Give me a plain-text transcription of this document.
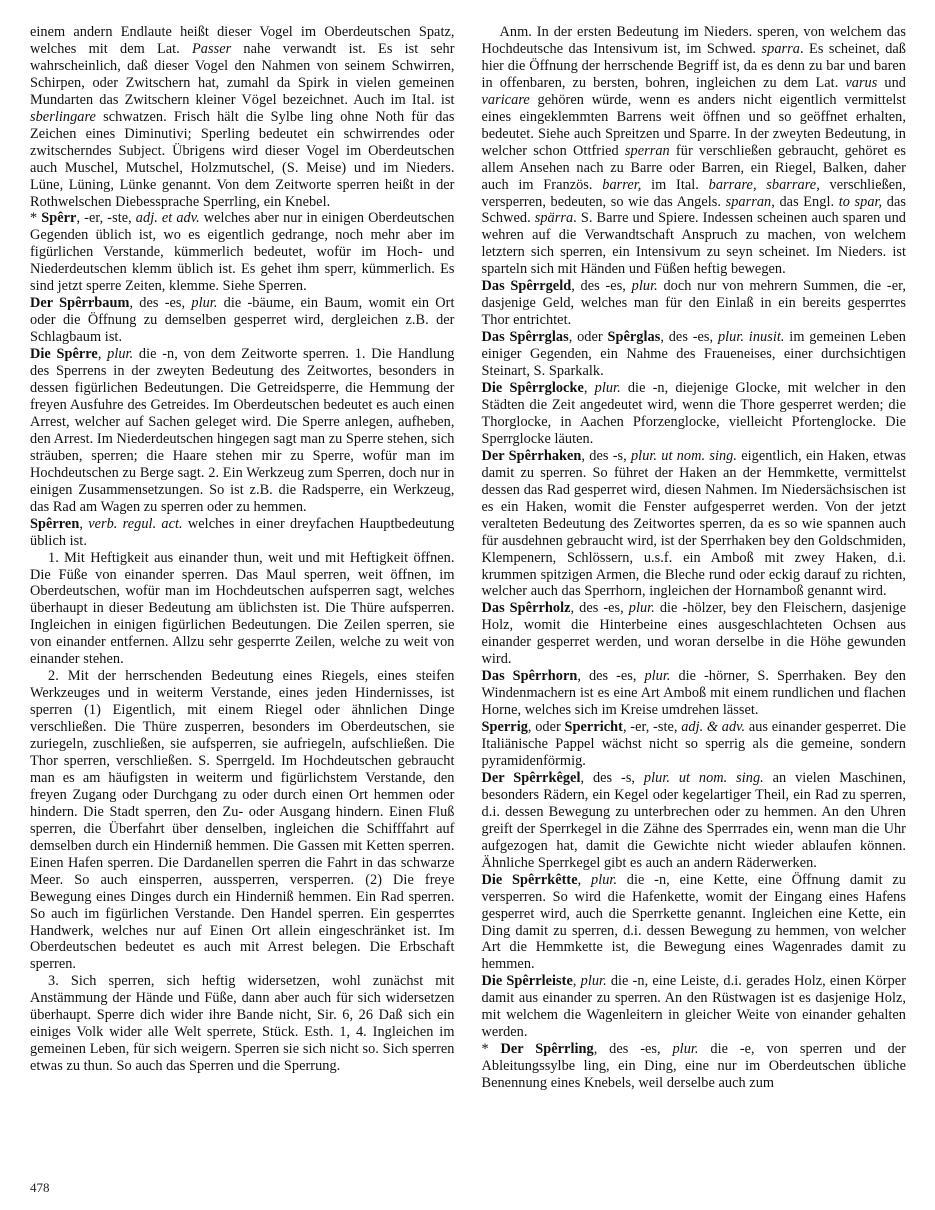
einem andern Endlaute heißt dieser Vogel im Oberdeutschen Spatz, welches mit dem Lat. Passer nahe verwandt ist. Es ist sehr wahrscheinlich, daß dieser Vogel den Nahmen von seinem Schwirren, Schirpen, oder Zwitschern hat, zumahl da Spirk in vielen gemeinen Mundarten das Zwitschern kleiner Vögel bezeichnet. Auch im Ital. ist sberlingare schwatzen. Frisch hält die Sylbe ling ohne Noth für das Zeichen eines Diminutivi; Sperling bedeutet ein schwirrendes oder zwitscherndes Subject. Übrigens wird dieser Vogel im Oberdeutschen auch Muschel, Mutschel, Holzmutschel, (S. Meise) und im Nieders. Lüne, Lüning, Lünke genannt. Von dem Zeitworte sperren heißt in der Rothwelschen Diebessprache Sperrling, ein Knebel.

* Spêrr, -er, -ste, adj. et adv. welches aber nur in einigen Oberdeutschen Gegenden üblich ist, wo es eigentlich gedrange, noch mehr aber im figürlichen Verstande, kümmerlich bedeutet, wofür im Hoch- und Niederdeutschen klemm üblich ist. Es gehet ihm sperr, kümmerlich. Es sind jetzt sperre Zeiten, klemme. Siehe Sperren.

Der Spêrrbaum, des -es, plur. die -bäume, ein Baum, womit ein Ort oder die Öffnung zu demselben gesperret wird, dergleichen z.B. der Schlagbaum ist.

Die Spêrre, plur. die -n, von dem Zeitworte sperren. 1. Die Handlung des Sperrens in der zweyten Bedeutung des Zeitwortes, besonders in dessen figürlichen Bedeutungen. Die Getreidsperre, die Hemmung der freyen Ausfuhre des Getreides. Im Oberdeutschen bedeutet es auch einen Arrest, welcher auf Sachen geleget wird. Die Sperre anlegen, aufheben, den Arrest. Im Niederdeutschen hingegen sagt man zu Sperre stehen, sich sträuben, sperren; die Haare stehen mir zu Sperre, wofür man im Hochdeutschen zu Berge sagt. 2. Ein Werkzeug zum Sperren, doch nur in einigen Zusammensetzungen. So ist z.B. die Radsperre, ein Werkzeug, das Rad am Wagen zu sperren oder zu hemmen.

Spêrren, verb. regul. act. welches in einer dreyfachen Hauptbedeutung üblich ist.

1. Mit Heftigkeit aus einander thun, weit und mit Heftigkeit öffnen. Die Füße von einander sperren. Das Maul sperren, weit öffnen, im Oberdeutschen, wofür man im Hochdeutschen aufsperren sagt, welches überhaupt in dieser Bedeutung am üblichsten ist. Die Thüre aufsperren. Ingleichen in einigen figürlichen Bedeutungen. Die Zeilen sperren, sie von einander entfernen. Allzu sehr gesperrte Zeilen, welche zu weit von einander stehen.

2. Mit der herrschenden Bedeutung eines Riegels, eines steifen Werkzeuges und in weiterm Verstande, eines jeden Hindernisses, ist sperren (1) Eigentlich, mit einem Riegel oder ähnlichen Dinge verschließen. Die Thüre zusperren, besonders im Oberdeutschen, sie zuriegeln, zuschließen, sie aufsperren, sie aufriegeln, aufschließen. Die Thor sperren, verschließen. S. Sperrgeld. Im Hochdeutschen gebraucht man es am häufigsten in weiterm und figürlichstem Verstande, den freyen Zugang oder Durchgang zu oder durch einen Ort hemmen oder hindern. Die Stadt sperren, den Zu- oder Ausgang hindern. Einen Fluß sperren, die Überfahrt über denselben, ingleichen die Schifffahrt auf demselben durch ein Hinderniß hemmen. Die Gassen mit Ketten sperren. Einen Hafen sperren. Die Dardanellen sperren die Fahrt in das schwarze Meer. So auch einsperren, aussperren, versperren. (2) Die freye Bewegung eines Dinges durch ein Hinderniß hemmen. Ein Rad sperren. So auch im figürlichen Verstande. Den Handel sperren. Ein gesperrtes Handwerk, welches nur auf Einen Ort allein eingeschränket ist. Im Oberdeutschen bedeutet es auch mit Arrest belegen. Die Erbschaft sperren.

3. Sich sperren, sich heftig widersetzen, wohl zunächst mit Anstämmung der Hände und Füße, dann aber auch für sich widersetzen überhaupt. Sperre dich wider ihre Bande nicht, Sir. 6, 26 Daß sich ein einiges Volk wider alle Welt sperrete, Stück. Esth. 1, 4. Ingleichen im gemeinen Leben, für sich weigern. Sperren sie sich nicht so. Sich sperren etwas zu thun. So auch das Sperren und die Sperrung.

Anm. In der ersten Bedeutung im Nieders. speren, von welchem das Hochdeutsche das Intensivum ist, im Schwed. sparra. Es scheinet, daß hier die Öffnung der herrschende Begriff ist, da es denn zu bar und baren in offenbaren, zu bersten, bohren, ingleichen zu dem Lat. varus und varicare gehören würde, wenn es anders nicht eigentlich vermittelst eines eingeklemmten Barrens weit öffnen und so geöffnet erhalten, bedeutet. Siehe auch Spreitzen und Sparre. In der zweyten Bedeutung, in welcher schon Ottfried sperran für verschließen gebraucht, gehöret es allem Ansehen nach zu Barre oder Barren, ein Riegel, Balken, daher auch im Französ. barrer, im Ital. barrare, sbarrare, verschließen, versperren, bedeuten, so wie das Angels. sparran, das Engl. to spar, das Schwed. spärra. S. Barre und Spiere. Indessen scheinen auch sparen und wehren auf die Verwandtschaft Anspruch zu machen, von welchem letztern sich sperren, ein Intensivum zu seyn scheinet. Im Nieders. ist sparteln sich mit Händen und Füßen heftig bewegen.

Das Spêrrgeld, des -es, plur. doch nur von mehrern Summen, die -er, dasjenige Geld, welches man für den Einlaß in ein bereits gesperrtes Thor entrichtet.

Das Spêrrglas, oder Spêrglas, des -es, plur. inusit. im gemeinen Leben einiger Gegenden, ein Nahme des Fraueneises, einer durchsichtigen Steinart, S. Sparkalk.

Die Spêrrglocke, plur. die -n, diejenige Glocke, mit welcher in den Städten die Zeit angedeutet wird, wenn die Thore gesperret werden; die Thorglocke, in Aachen Pforzenglocke, vielleicht Pfortenglocke. Die Sperrglocke läuten.

Der Spêrrhaken, des -s, plur. ut nom. sing. eigentlich, ein Haken, etwas damit zu sperren. So führet der Haken an der Hemmkette, vermittelst dessen das Rad gesperret wird, diesen Nahmen. Im Niedersächsischen ist es ein Haken, womit die Fenster aufgesperret werden. Von der jetzt veralteten Bedeutung des Zeitwortes sperren, da es so wie spannen auch für ausdehnen gebraucht wird, ist der Sperrhaken bey den Goldschmiden, Klempenern, Schlössern, u.s.f. ein Amboß mit zwey Haken, d.i. krummen spitzigen Armen, die Bleche rund oder eckig darauf zu richten, welcher auch das Sperrhorn, ingleichen der Hornamboß genannt wird.

Das Spêrrholz, des -es, plur. die -hölzer, bey den Fleischern, dasjenige Holz, womit die Hinterbeine eines ausgeschlachteten Ochsen aus einander gesperret werden, und woran derselbe in die Höhe gewunden wird.

Das Spêrrhorn, des -es, plur. die -hörner, S. Sperrhaken. Bey den Windenmachern ist es eine Art Amboß mit einem rundlichen und flachen Horne, welches sich im Kreise umdrehen lässet.

Sperrig, oder Sperricht, -er, -ste, adj. & adv. aus einander gesperret. Die Italiänische Pappel wächst nicht so sperrig als die gemeine, sondern pyramidenförmig.

Der Spêrrkêgel, des -s, plur. ut nom. sing. an vielen Maschinen, besonders Rädern, ein Kegel oder kegelartiger Theil, ein Rad zu sperren, d.i. dessen Bewegung zu unterbrechen oder zu hemmen. An den Uhren greift der Sperrkegel in die Zähne des Sperrrades ein, wenn man die Uhr aufgezogen hat, damit die Gewichte nicht wieder ablaufen können. Ähnliche Sperrkegel gibt es auch an andern Räderwerken.

Die Spêrrkêtte, plur. die -n, eine Kette, eine Öffnung damit zu versperren. So wird die Hafenkette, womit der Eingang eines Hafens gesperret wird, auch die Sperrkette genannt. Ingleichen eine Kette, ein Ding damit zu sperren, d.i. dessen Bewegung zu hemmen, von welcher Art die Hemmkette ist, die Bewegung eines Wagenrades damit zu hemmen.

Die Spêrrleiste, plur. die -n, eine Leiste, d.i. gerades Holz, einen Körper damit aus einander zu sperren. An den Rüstwagen ist es dasjenige Holz, mit welchem die Wagenleitern in gleicher Weite von einander gehalten werden.

* Der Spêrrling, des -es, plur. die -e, von sperren und der Ableitungssylbe ling, ein Ding, eine nur im Oberdeutschen übliche Benennung eines Knebels, weil derselbe auch zum

478
